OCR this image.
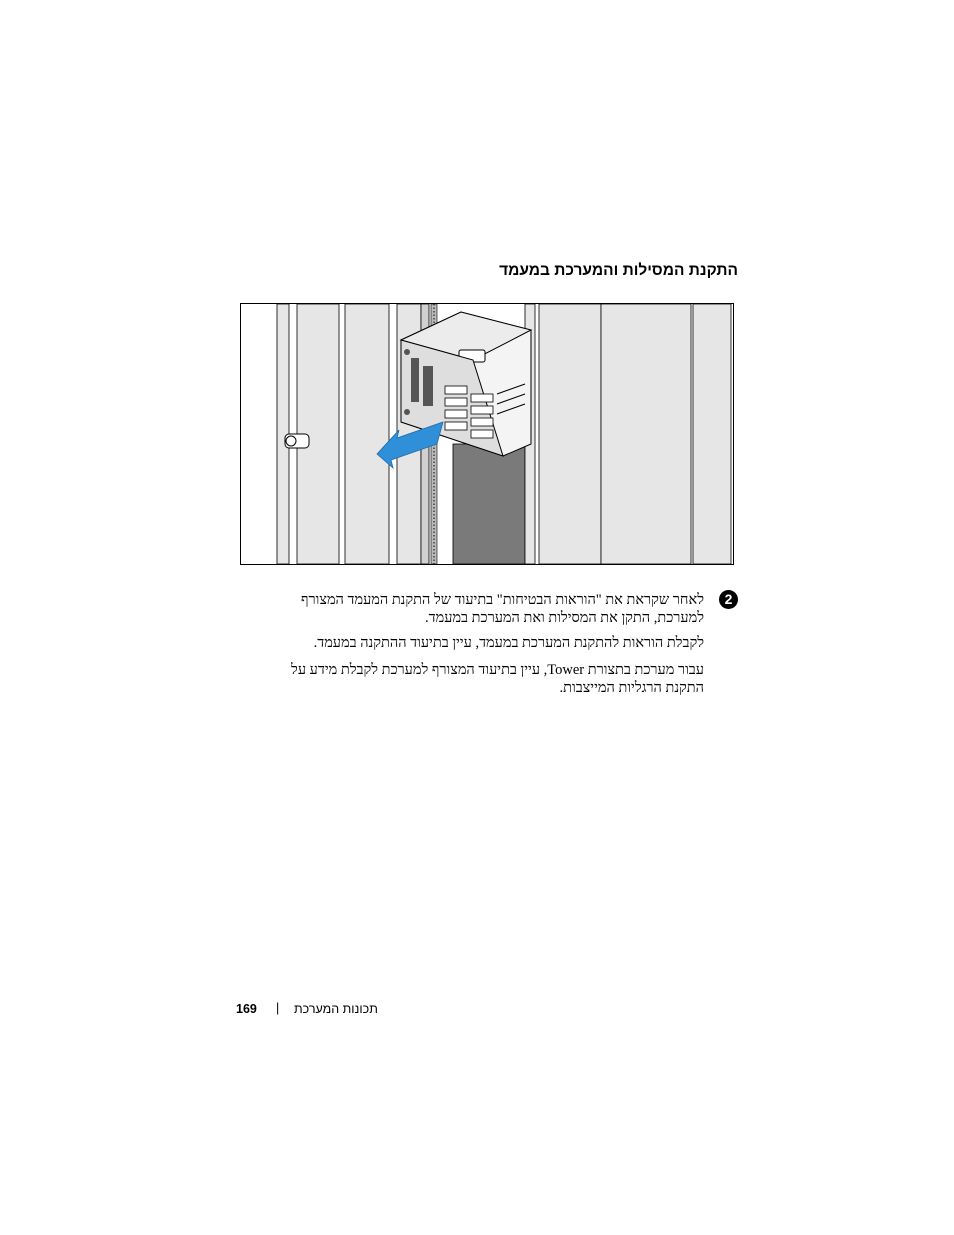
התקנת המסילות והמערכת במעמד
2

לאחר שקראת את "הוראות הבטיחות" בתיעוד של התקנת המעמד המצורף למערכת, התקן את המסילות ואת המערכת במעמד.

לקבלת הוראות להתקנת המערכת במעמד, עיין בתיעוד ההתקנה במעמד.

עבור מערכת בתצורת Tower, עיין בתיעוד המצורף למערכת לקבלת מידע על התקנת הרגליות המייצבות.

169 | תכונות המערכת
